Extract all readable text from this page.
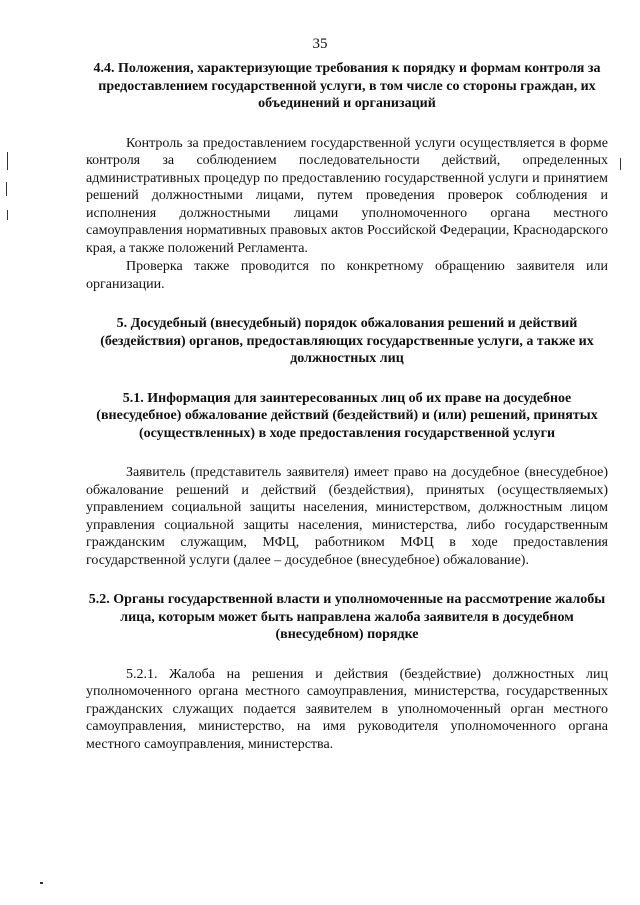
35

4.4. Положения, характеризующие требования к порядку и формам контроля за предоставлением государственной услуги, в том числе со стороны граждан, их объединений и организаций

Контроль за предоставлением государственной услуги осуществляется в форме контроля за соблюдением последовательности действий, определенных административных процедур по предоставлению государственной услуги и принятием решений должностными лицами, путем проведения проверок соблюдения и исполнения должностными лицами уполномоченного органа местного самоуправления нормативных правовых актов Российской Федерации, Краснодарского края, а также положений Регламента.

Проверка также проводится по конкретному обращению заявителя или организации.

5. Досудебный (внесудебный) порядок обжалования решений и действий (бездействия) органов, предоставляющих государственные услуги, а также их должностных лиц

5.1. Информация для заинтересованных лиц об их праве на досудебное (внесудебное) обжалование действий (бездействий) и (или) решений, принятых (осуществленных) в ходе предоставления государственной услуги

Заявитель (представитель заявителя) имеет право на досудебное (внесудебное) обжалование решений и действий (бездействия), принятых (осуществляемых) управлением социальной защиты населения, министерством, должностным лицом управления социальной защиты населения, министерства, либо государственным гражданским служащим, МФЦ, работником МФЦ в ходе предоставления государственной услуги (далее – досудебное (внесудебное) обжалование).

5.2. Органы государственной власти и уполномоченные на рассмотрение жалобы лица, которым может быть направлена жалоба заявителя в досудебном (внесудебном) порядке

5.2.1. Жалоба на решения и действия (бездействие) должностных лиц уполномоченного органа местного самоуправления, министерства, государственных гражданских служащих подается заявителем в уполномоченный орган местного самоуправления, министерство, на имя руководителя уполномоченного органа местного самоуправления, министерства.
